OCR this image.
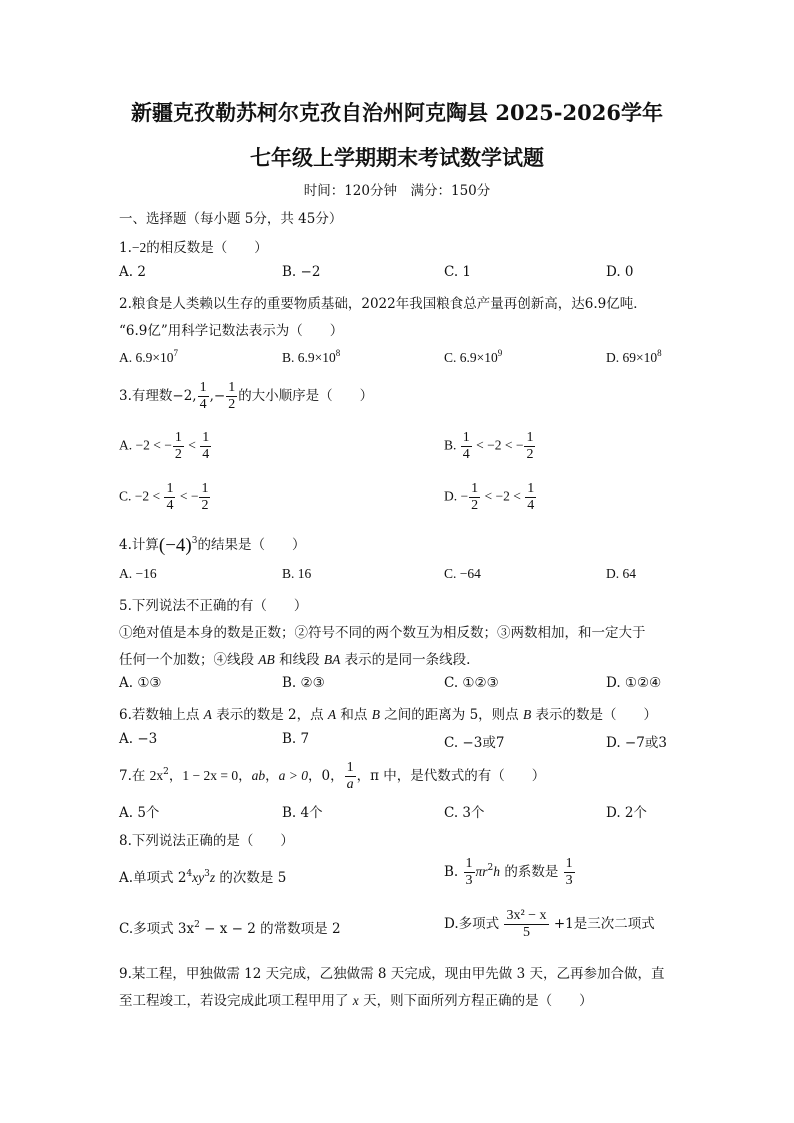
新疆克孜勒苏柯尔克孜自治州阿克陶县 2025-2026学年
七年级上学期期末考试数学试题
时间：120分钟　满分：150分
一、选择题（每小题 5分，共 45分）
1.−2的相反数是（　　）
A. 2	B. −2	C. 1	D. 0
2.粮食是人类赖以生存的重要物质基础，2022年我国粮食总产量再创新高，达6.9亿吨．
“6.9亿”用科学记数法表示为（　　）
A. $6.9\times 10^7$	B. $6.9\times 10^8$	C. $6.9\times 10^9$	D. $69\times 10^8$
3.有理数−2, $\frac{1}{4}$ ,− $\frac{1}{2}$ 的大小顺序是（　　）
A. −2 < − $\frac{1}{2} < \frac{1}{4}$	B. $\frac{1}{4} < -2$ < − $\frac{1}{2}$
C. $-2 < \frac{1}{4}$ < − $\frac{1}{2}$	D. − $\frac{1}{2} < -2 < \frac{1}{4}$
4.计算$(-4)^3$的结果是（　　）
A. −16	B. 16	C. −64	D. 64
5.下列说法不正确的有（　　）
①绝对值是本身的数是正数；②符号不同的两个数互为相反数；③两数相加，和一定大于
任何一个加数；④线段 AB 和线段 BA 表示的是同一条线段.
A. ①③	B. ②③	C. ①②③	D. ①②④
6.若数轴上点 A 表示的数是 2，点 A 和点 B 之间的距离为 5，则点 B 表示的数是（　　）
A. −3	B. 7	C. −3或7	D. −7或3
7.在 $2x^2$，1 − 2x = 0，ab，a > 0，0， $\frac{1}{a}$ ，π 中，是代数式的有（　　）
A. 5个	B. 4个	C. 3个	D. 2个
8.下列说法正确的是（　　）
A.单项式 $2^4xy^3z$ 的次数是 5	B. $\frac{1}{3} \pi r^2h$ 的系数是 $\frac{1}{3}$
C.多项式 $3x^2 - x - 2$ 的常数项是 2	D.多项式 $\frac{\text{3x² − x}}{5} +1$是三次二项式
9.某工程，甲独做需 12 天完成，乙独做需 8 天完成，现由甲先做 3 天，乙再参加合做，直
至工程竣工，若设完成此项工程甲用了 x 天，则下面所列方程正确的是（　　）
